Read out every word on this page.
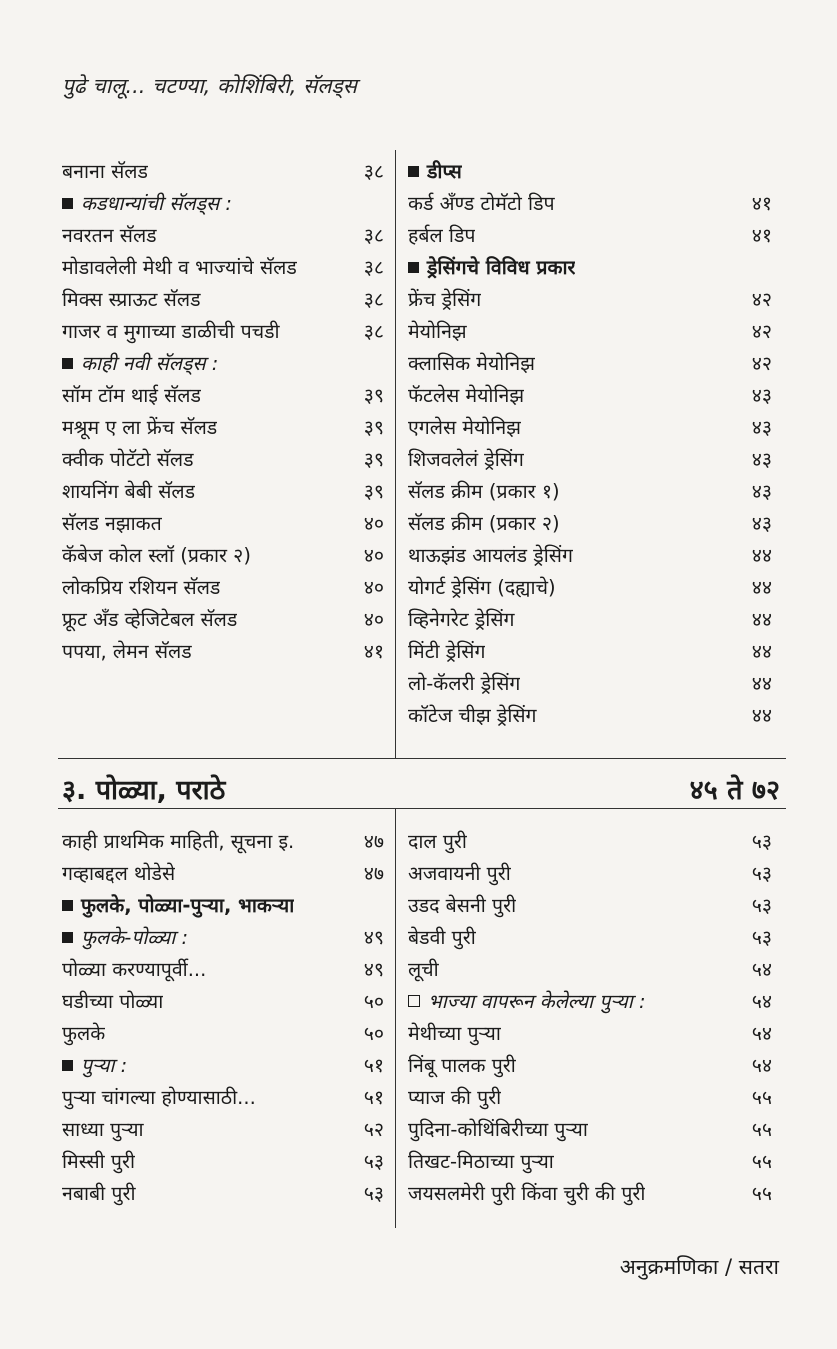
पुढे चालू... चटण्या, कोशिंबिरी, सॅलड्स
बनाना सॅलड	३८
कडधान्यांची सॅलड्स :
नवरतन सॅलड	३८
मोडावलेली मेथी व भाज्यांचे सॅलड	३८
मिक्स स्प्राऊट सॅलड	३८
गाजर व मुगाच्या डाळीची पचडी	३८
काही नवी सॅलड्स :
सॉम टॉम थाई सॅलड	३९
मश्रूम ए ला फ्रेंच सॅलड	३९
क्वीक पोटॅटो सॅलड	३९
शायनिंग बेबी सॅलड	३९
सॅलड नझाकत	४०
कॅबेज कोल स्लॉ (प्रकार २)	४०
लोकप्रिय रशियन सॅलड	४०
फ्रूट अँड व्हेजिटेबल सॅलड	४०
पपया, लेमन सॅलड	४१
डीप्स
कर्ड अँण्ड टोमॅटो डिप	४१
हर्बल डिप	४१
ड्रेसिंगचे विविध प्रकार
फ्रेंच ड्रेसिंग	४२
मेयोनिझ	४२
क्लासिक मेयोनिझ	४२
फॅटलेस मेयोनिझ	४३
एगलेस मेयोनिझ	४३
शिजवलेलं ड्रेसिंग	४३
सॅलड क्रीम (प्रकार १)	४३
सॅलड क्रीम (प्रकार २)	४३
थाऊझंड आयलंड ड्रेसिंग	४४
योगर्ट ड्रेसिंग (दह्याचे)	४४
व्हिनेगरेट ड्रेसिंग	४४
मिंटी ड्रेसिंग	४४
लो-कॅलरी ड्रेसिंग	४४
कॉटेज चीझ ड्रेसिंग	४४
३. पोळ्या, पराठे	४५ ते ७२
काही प्राथमिक माहिती, सूचना इ.	४७
गव्हाबद्दल थोडेसे	४७
फुलके, पोळ्या-पुऱ्या, भाकऱ्या
फुलके-पोळ्या :	४९
पोळ्या करण्यापूर्वी...	४९
घडीच्या पोळ्या	५०
फुलके	५०
पुऱ्या :	५१
पुऱ्या चांगल्या होण्यासाठी...	५१
साध्या पुऱ्या	५२
मिस्सी पुरी	५३
नबाबी पुरी	५३
दाल पुरी	५३
अजवायनी पुरी	५३
उडद बेसनी पुरी	५३
बेडवी पुरी	५३
लूची	५४
भाज्या वापरून केलेल्या पुऱ्या :	५४
मेथीच्या पुऱ्या	५४
निंबू पालक पुरी	५४
प्याज की पुरी	५५
पुदिना-कोथिंबिरीच्या पुऱ्या	५५
तिखट-मिठाच्या पुऱ्या	५५
जयसलमेरी पुरी किंवा चुरी की पुरी	५५
अनुक्रमणिका / सतरा
